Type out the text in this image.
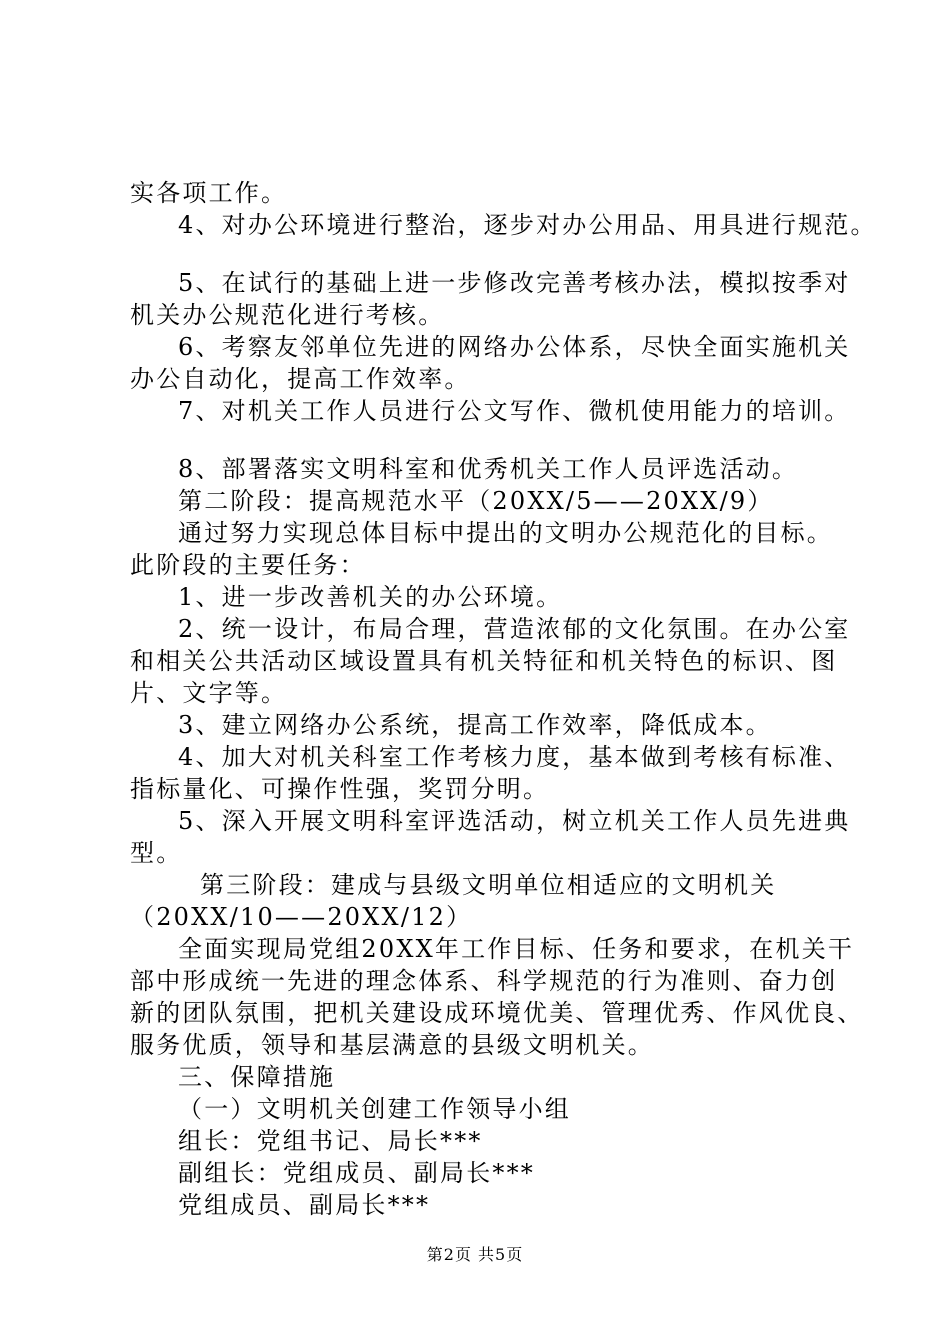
实各项工作。
4、对办公环境进行整治，逐步对办公用品、用具进行规范。
5、在试行的基础上进一步修改完善考核办法，模拟按季对
机关办公规范化进行考核。
6、考察友邻单位先进的网络办公体系，尽快全面实施机关
办公自动化，提高工作效率。
7、对机关工作人员进行公文写作、微机使用能力的培训。
8、部署落实文明科室和优秀机关工作人员评选活动。
第二阶段：提高规范水平（20XX/5——20XX/9）
通过努力实现总体目标中提出的文明办公规范化的目标。
此阶段的主要任务：
1、进一步改善机关的办公环境。
2、统一设计，布局合理，营造浓郁的文化氛围。在办公室
和相关公共活动区域设置具有机关特征和机关特色的标识、图
片、文字等。
3、建立网络办公系统，提高工作效率，降低成本。
4、加大对机关科室工作考核力度，基本做到考核有标准、
指标量化、可操作性强，奖罚分明。
5、深入开展文明科室评选活动，树立机关工作人员先进典
型。
第三阶段：建成与县级文明单位相适应的文明机关
（20XX/10——20XX/12）
全面实现局党组20XX年工作目标、任务和要求，在机关干
部中形成统一先进的理念体系、科学规范的行为准则、奋力创
新的团队氛围，把机关建设成环境优美、管理优秀、作风优良、
服务优质，领导和基层满意的县级文明机关。
三、保障措施
（一）文明机关创建工作领导小组
组长：党组书记、局长***
副组长：党组成员、副局长***
党组成员、副局长***
第2页 共5页
